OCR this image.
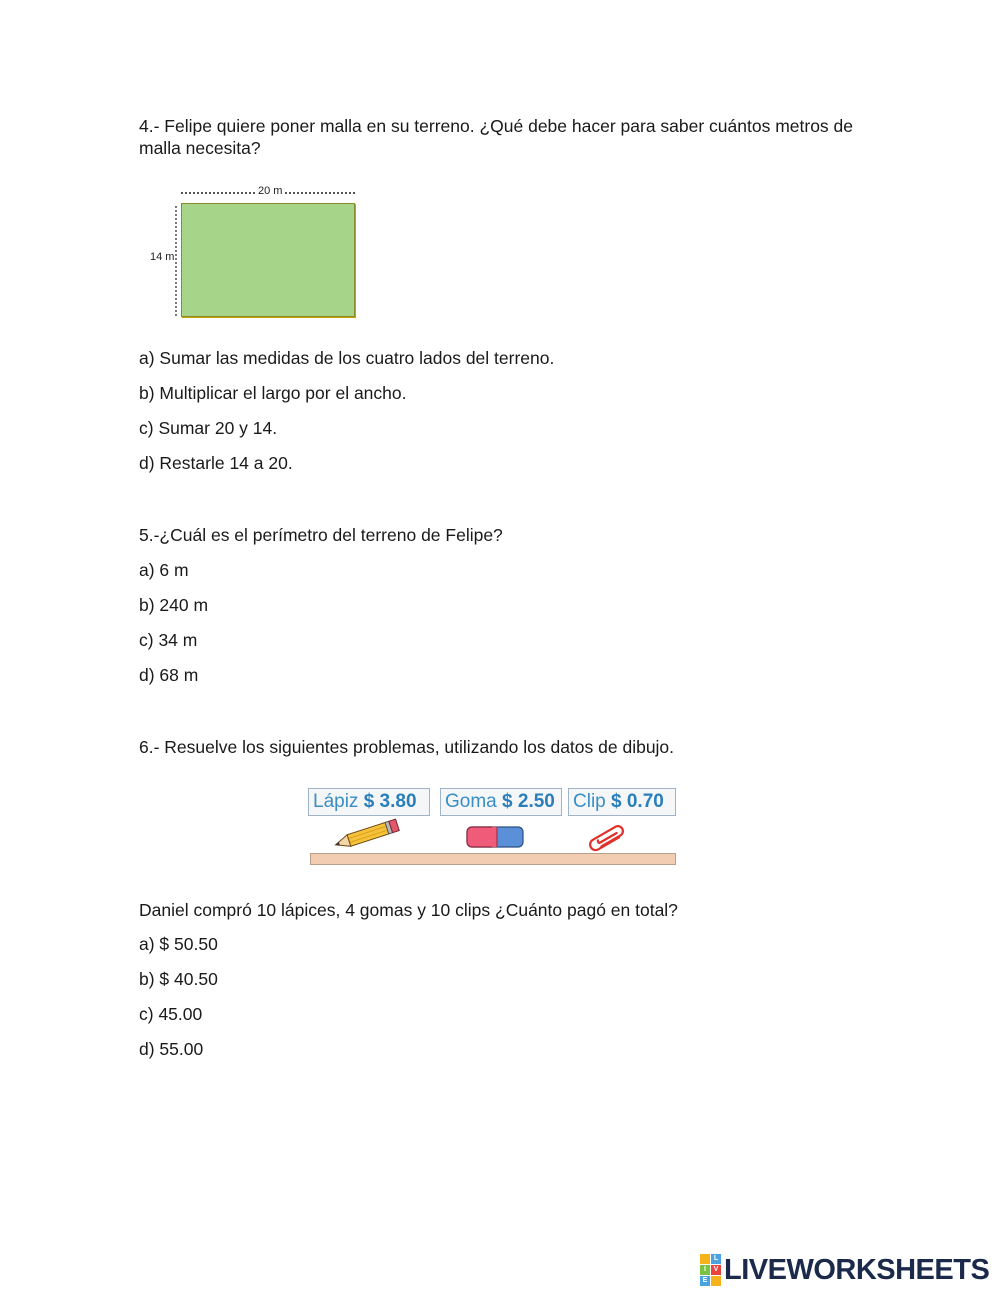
4.- Felipe quiere poner malla en su terreno. ¿Qué debe hacer para saber cuántos metros de malla necesita?
20 m
14 m
a) Sumar las medidas de los cuatro lados del terreno.
b) Multiplicar el largo por el ancho.
c) Sumar 20 y 14.
d) Restarle 14 a 20.
5.-¿Cuál es el perímetro del terreno de Felipe?
a) 6 m
b) 240 m
c) 34 m
d) 68 m
6.- Resuelve los siguientes problemas, utilizando los datos de dibujo.
Lápiz $ 3.80	Goma $ 2.50 Clip $ 0.70
Daniel compró 10 lápices, 4 gomas y 10 clips ¿Cuánto pagó en total?
a) $ 50.50
b) $ 40.50
c) 45.00
d) 55.00
L
I	V
E LIVEWORKSHEETS
